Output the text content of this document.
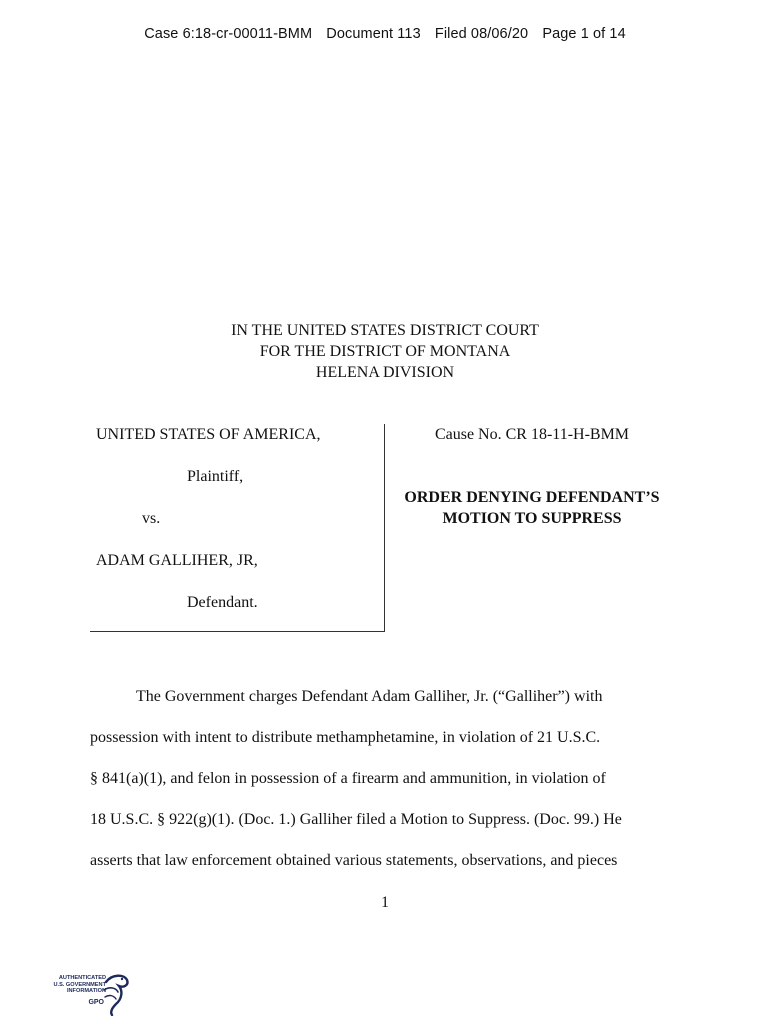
Case 6:18-cr-00011-BMM Document 113 Filed 08/06/20 Page 1 of 14
IN THE UNITED STATES DISTRICT COURT
FOR THE DISTRICT OF MONTANA
HELENA DIVISION
UNITED STATES OF AMERICA,
Plaintiff,
vs.
ADAM GALLIHER, JR,
Defendant.
Cause No. CR 18-11-H-BMM
ORDER DENYING DEFENDANT’S
MOTION TO SUPPRESS
The Government charges Defendant Adam Galliher, Jr. (“Galliher”) with
possession with intent to distribute methamphetamine, in violation of 21 U.S.C.
§ 841(a)(1), and felon in possession of a firearm and ammunition, in violation of
18 U.S.C. § 922(g)(1). (Doc. 1.) Galliher filed a Motion to Suppress. (Doc. 99.) He
asserts that law enforcement obtained various statements, observations, and pieces
1
AUTHENTICATED
U.S. GOVERNMENT
INFORMATION
GPO
